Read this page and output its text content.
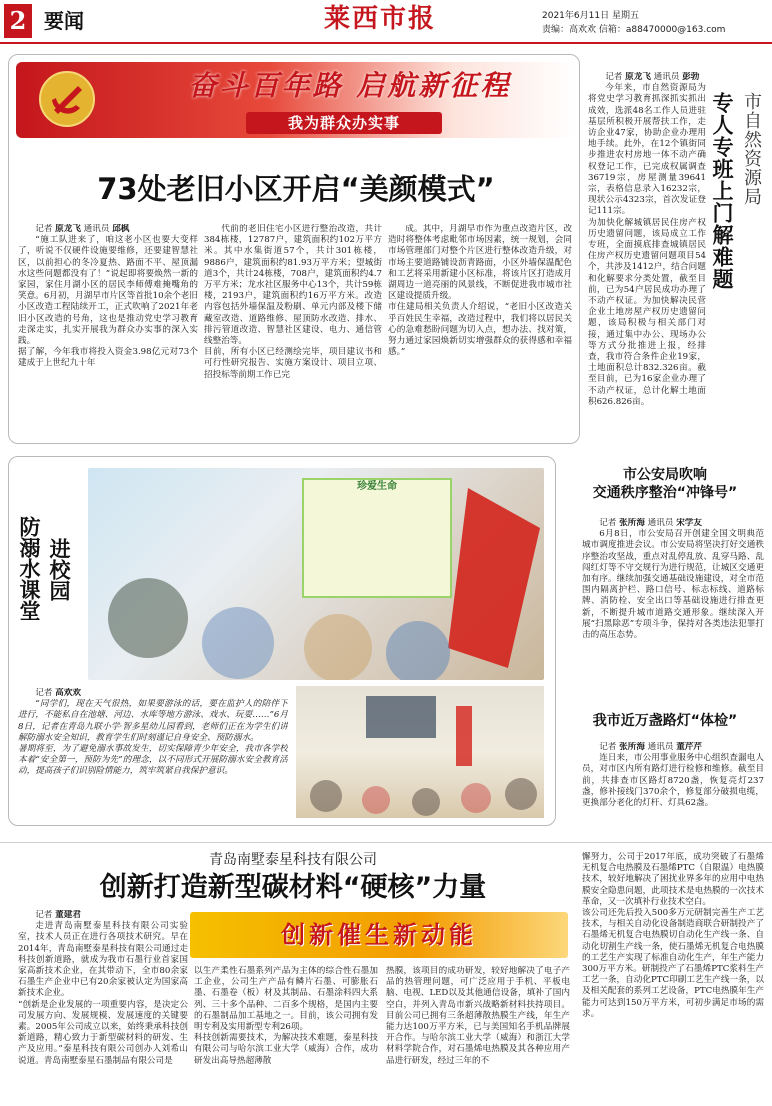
2 要闻	莱西市报	2021年6月11日 星期五
责编：高欢欢 信箱：a88470000@163.com
奋斗百年路 启航新征程
我为群众办实事
73处老旧小区开启“美颜模式”
记者 原龙飞 通讯员 邱枫
“施工队进来了，咱这老小区也要大变样了，听说不仅硬件设施要维修，还要建智慧社区，以前担心的冬冷夏热、路面不平、屋顶漏水这些问题都没有了！”说起即将要焕然一新的家园，家住月湖小区的居民李师傅难掩嘴角的笑意。6月初，月湖早市片区等首批10余个老旧小区改造工程陆续开工，正式吹响了2021年老旧小区改造的号角，这也是推动党史学习教育走深走实，扎实开展我为群众办实事的深入实践。
据了解，今年我市将投入资金3.98亿元对73个建成于上世纪九十年
代前的老旧住宅小区进行整治改造，共计384栋楼，12787户，建筑面积约102万平方米。其中水集街道57个，共计301栋楼，9886户，建筑面积约81.93万平方米；望城街道3个，共计24栋楼，708户，建筑面积约4.7万平方米；龙水社区服务中心13个，共计59栋楼，2193户，建筑面积约16万平方米。改造内容包括外墙保温及粉刷、单元内部及楼下储藏室改造、道路维修、屋顶防水改造、排水、排污管道改造、智慧社区建设、电力、通信管线整治等。
目前，所有小区已经测绘完毕，项目建议书和可行性研究报告、实施方案设计、项目立项、招投标等前期工作已完
成。其中，月湖早市作为重点改造片区，改造时将整体考虑毗邻市场因素，统一规划，会同市场管理部门对整个片区进行整体改造升级，对市场主要道路铺设沥青路面，小区外墙保温配色和工艺将采用新建小区标准，将该片区打造成月湖周边一道亮丽的风景线，不断促进我市城市社区建设提质升级。
市住建局相关负责人介绍说，“老旧小区改造关乎百姓民生幸福，改造过程中，我们将以居民关心的急难愁盼问题为切入点，想办法、找对策，努力通过家园焕新切实增强群众的获得感和幸福感。”
市自然资源局
专人专班上门解难题
记者 原龙飞 通讯员 彭勃
今年来，市自然资源局为将党史学习教育抓深抓实抓出成效，选派48名工作人员进驻基层所积极开展帮扶工作，走访企业47家，协助企业办理用地手续。此外，在12个镇街同步推进农村房地一体不动产确权登记工作，已完成权属调查36719宗，房屋测量39641宗，表格信息录入16232宗，现状公示4323宗，首次发证登记111宗。
为加快化解城镇居民住房产权历史遗留问题，该局成立工作专班，全面摸底排查城镇居民住房产权历史遗留问题项目54个，共涉及1412户，结合问题和化解要求分类处置，截至目前，已为54户居民成功办理了不动产权证。为加快解决民营企业土地房屋产权历史遗留问题，该局积极与相关部门对接，通过集中办公、现场办公等方式分批推进上报，经排查，我市符合条件企业19家，土地面积总计832.326亩。截至目前，已为16家企业办理了不动产权证，总计化解土地面积626.826亩。
珍爱生命
进校园
防溺水课堂
记者 高欢欢
“同学们，现在天气很热，如果要游泳的话，要在监护人的陪伴下进行，不能私自在池塘、河边、水库等地方游泳、戏水、玩耍……”6月8日，记者在青岛九联小学·智多星幼儿园看到，老师们正在为学生们讲解防溺水安全知识，教育学生们时刻谨记自身安全、预防溺水。
暑期将至，为了避免溺水事故发生，切实保障青少年安全，我市各学校本着“安全第一，预防为先”的理念，以不同形式开展防溺水安全教育活动，提高孩子们识别险情能力，筑牢筑紧自我保护意识。
市公安局吹响
交通秩序整治“冲锋号”
记者 张所海 通讯员 宋学友
6月8日，市公安局召开创建全国文明典范城市调度推进会议。市公安局将坚决打好交通秩序整治攻坚战，重点对乱停乱放、乱穿马路、乱闯红灯等不守交规行为进行规范，让城区交通更加有序。继续加强交通基础设施建设，对全市范围内隔离护栏、路口信号、标志标线、道路标牌、消防栓、安全出口等基础设施进行排查更新，不断提升城市道路交通形象。继续深入开展“扫黑除恶”专项斗争，保持对各类违法犯罪打击的高压态势。
我市近万盏路灯“体检”
记者 张所海 通讯员 董芹芹
连日来，市公用事业服务中心组织查漏电人员，对市区内所有路灯进行检修和维修。截至目前，共排查市区路灯8720盏，恢复亮灯237盏，修补接线门370余个，修复部分破损电缆，更换部分老化的灯杆、灯具62盏。
青岛南墅泰星科技有限公司
创新打造新型碳材料“硬核”力量
创新催生新动能
记者 董建君
走进青岛南墅泰星科技有限公司实验室，技术人员正在进行各项技术研究。早在2014年，青岛南墅泰星科技有限公司通过走科技创新道路，就成为我市石墨行业首家国家高新技术企业，在其带动下，全市80余家石墨生产企业中已有20余家被认定为国家高新技术企业。
“创新是企业发展的一项重要内容，是决定公司发展方向、发展规模、发展速度的关键要素。2005年公司成立以来，始终秉承科技创新道路，精心致力于新型碳材料的研发、生产及应用。”泰星科技有限公司创办人刘希山说道。青岛南墅泰星石墨制品有限公司是
以生产柔性石墨系列产品为主体的综合性石墨加工企业，公司生产产品有鳞片石墨、可膨胀石墨、石墨卷（板）材及其制品、石墨涂料四大系列、三十多个品种、二百多个规格，是国内主要的石墨制品加工基地之一。目前，该公司拥有发明专利及实用新型专利26项。
科技创新需要技术，为解决技术难题，泰星科技有限公司与哈尔滨工业大学（威海）合作，成功研发出高导热超薄散
热膜，该项目的成功研发，较好地解决了电子产品的热管理问题，可广泛应用于手机、平板电脑、电视、LED以及其他通信设备，填补了国内空白，并列入青岛市新兴战略新材料扶持项目。目前公司已拥有三条超薄散热膜生产线，年生产能力达100万平方米，已与美国知名手机品牌展开合作。与哈尔滨工业大学（威海）和浙江大学材料学院合作，对石墨烯电热膜及其各种应用产品进行研发，经过三年的不
懈努力，公司于2017年底，成功突破了石墨烯无机复合电热膜及石墨烯PTC（自限温）电热膜技术，较好地解决了困扰业界多年的应用中电热膜安全隐患问题，此项技术是电热膜的一次技术革命，又一次填补行业技术空白。
该公司还先后投入500多万元研制完善生产工艺技术，与相关自动化设备制造商联合研制投产了石墨烯无机复合电热膜切自动化生产线一条、自动化切割生产线一条，使石墨烯无机复合电热膜的工艺生产实现了标准自动化生产，年生产能力300万平方米。研制投产了石墨烯PTC浆料生产工艺一条，自动化PTC印刷工艺生产线一条，以及相关配套的系列工艺设备，PTC电热膜年生产能力可达到150万平方米，可初步满足市场的需求。
